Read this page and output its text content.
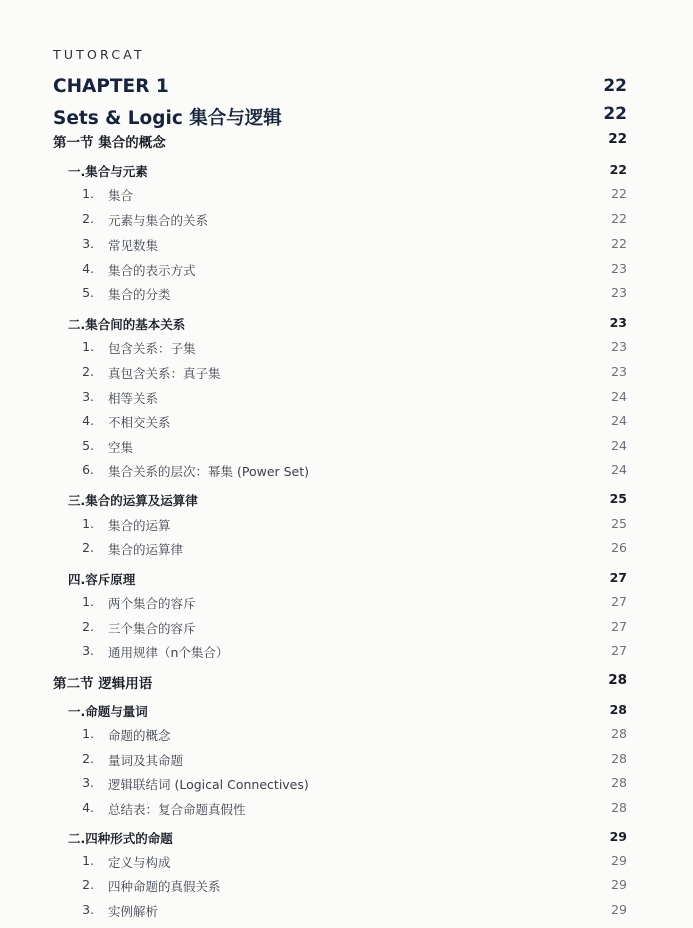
TUTORCAT
CHAPTER 1	22
Sets & Logic 集合与逻辑	22
第一节 集合的概念	22
一.集合与元素	22
1. 集合	22
2. 元素与集合的关系	22
3. 常见数集	22
4. 集合的表示方式	23
5. 集合的分类	23
二.集合间的基本关系	23
1. 包含关系：子集	23
2. 真包含关系：真子集	23
3. 相等关系	24
4. 不相交关系	24
5. 空集	24
6. 集合关系的层次：幂集 (Power Set)	24
三.集合的运算及运算律	25
1. 集合的运算	25
2. 集合的运算律	26
四.容斥原理	27
1. 两个集合的容斥	27
2. 三个集合的容斥	27
3. 通用规律（n个集合）	27
第二节 逻辑用语	28
一.命题与量词	28
1. 命题的概念	28
2. 量词及其命题	28
3. 逻辑联结词 (Logical Connectives)	28
4. 总结表：复合命题真假性	28
二.四种形式的命题	29
1. 定义与构成	29
2. 四种命题的真假关系	29
3. 实例解析	29
